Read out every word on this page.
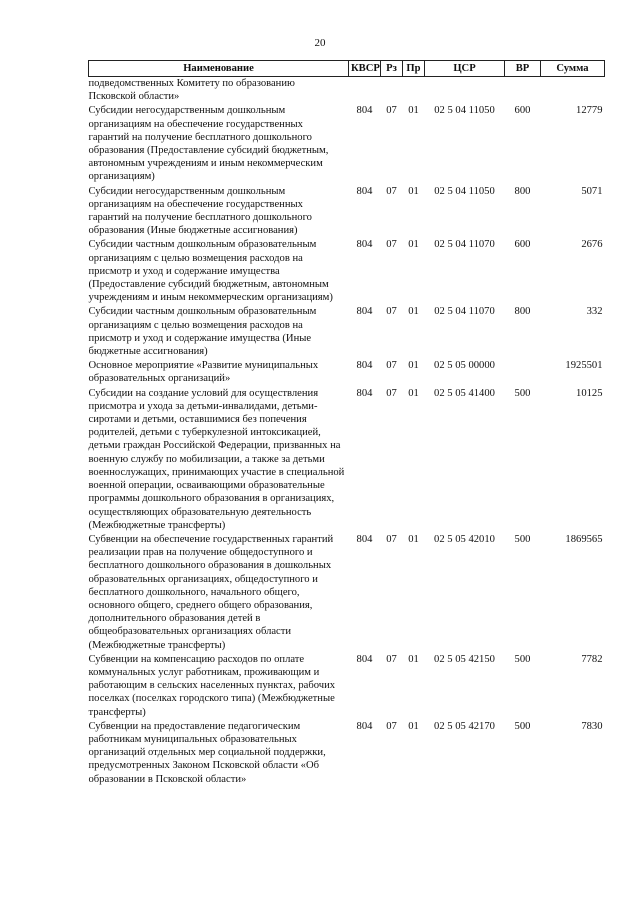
20
Наименование	КВСР	Рз	Пр	ЦСР	ВР	Сумма
подведомственных Комитету по образованию Псковской области»						
Субсидии негосударственным дошкольным организациям на обеспечение государственных гарантий на получение бесплатного дошкольного образования (Предоставление субсидий бюджетным, автономным учреждениям и иным некоммерческим организациям)	804	07	01	02 5 04 11050	600	12779
Субсидии негосударственным дошкольным организациям на обеспечение государственных гарантий на получение бесплатного дошкольного образования (Иные бюджетные ассигнования)	804	07	01	02 5 04 11050	800	5071
Субсидии частным дошкольным образовательным организациям с целью возмещения расходов на присмотр и уход и содержание имущества (Предоставление субсидий бюджетным, автономным учреждениям и иным некоммерческим организациям)	804	07	01	02 5 04 11070	600	2676
Субсидии частным дошкольным образовательным организациям с целью возмещения расходов на присмотр и уход и содержание имущества (Иные бюджетные ассигнования)	804	07	01	02 5 04 11070	800	332
Основное мероприятие «Развитие муниципальных образовательных организаций»	804	07	01	02 5 05 00000		1925501
Субсидии на создание условий для осуществления присмотра и ухода за детьми-инвалидами, детьми-сиротами и детьми, оставшимися без попечения родителей, детьми с туберкулезной интоксикацией, детьми граждан Российской Федерации, призванных на военную службу по мобилизации, а также за детьми военнослужащих, принимающих участие в специальной военной операции, осваивающими образовательные программы дошкольного образования в организациях, осуществляющих образовательную деятельность (Межбюджетные трансферты)	804	07	01	02 5 05 41400	500	10125
Субвенции на обеспечение государственных гарантий реализации прав на получение общедоступного и бесплатного дошкольного образования в дошкольных образовательных организациях, общедоступного и бесплатного дошкольного, начального общего, основного общего, среднего общего образования, дополнительного образования детей в общеобразовательных организациях области (Межбюджетные трансферты)	804	07	01	02 5 05 42010	500	1869565
Субвенции на компенсацию расходов по оплате коммунальных услуг работникам, проживающим и работающим в сельских населенных пунктах, рабочих поселках (поселках городского типа) (Межбюджетные трансферты)	804	07	01	02 5 05 42150	500	7782
Субвенции на предоставление педагогическим работникам муниципальных образовательных организаций отдельных мер социальной поддержки, предусмотренных Законом Псковской области «Об образовании в Псковской области»	804	07	01	02 5 05 42170	500	7830
